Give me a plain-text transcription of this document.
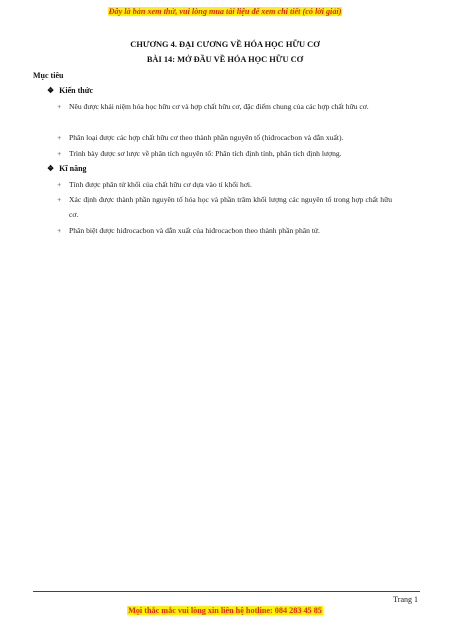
Đây là bản xem thử, vui lòng mua tài liệu để xem chi tiết (có lời giải)
CHƯƠNG 4. ĐẠI CƯƠNG VỀ HÓA HỌC HỮU CƠ
BÀI 14: MỞ ĐẦU VỀ HÓA HỌC HỮU CƠ
Mục tiêu
❖ Kiến thức
+	Nêu được khái niệm hóa học hữu cơ và hợp chất hữu cơ, đặc điểm chung của các hợp chất hữu cơ.
+	Phân loại được các hợp chất hữu cơ theo thành phần nguyên tố (hiđrocacbon và dẫn xuất).
+	Trình bày được sơ lược về phân tích nguyên tố: Phân tích định tính, phân tích định lượng.
❖ Kĩ năng
+	Tính được phân tử khối của chất hữu cơ dựa vào tỉ khối hơi.
+	Xác định được thành phần nguyên tố hóa học và phần trăm khối lượng các nguyên tố trong hợp chất hữu cơ.
+	Phân biệt được hiđrocacbon và dẫn xuất của hiđrocacbon theo thành phần phân tử.
Trang 1
Mọi thắc mắc vui lòng xin liên hệ hotline: 084 283 45 85
